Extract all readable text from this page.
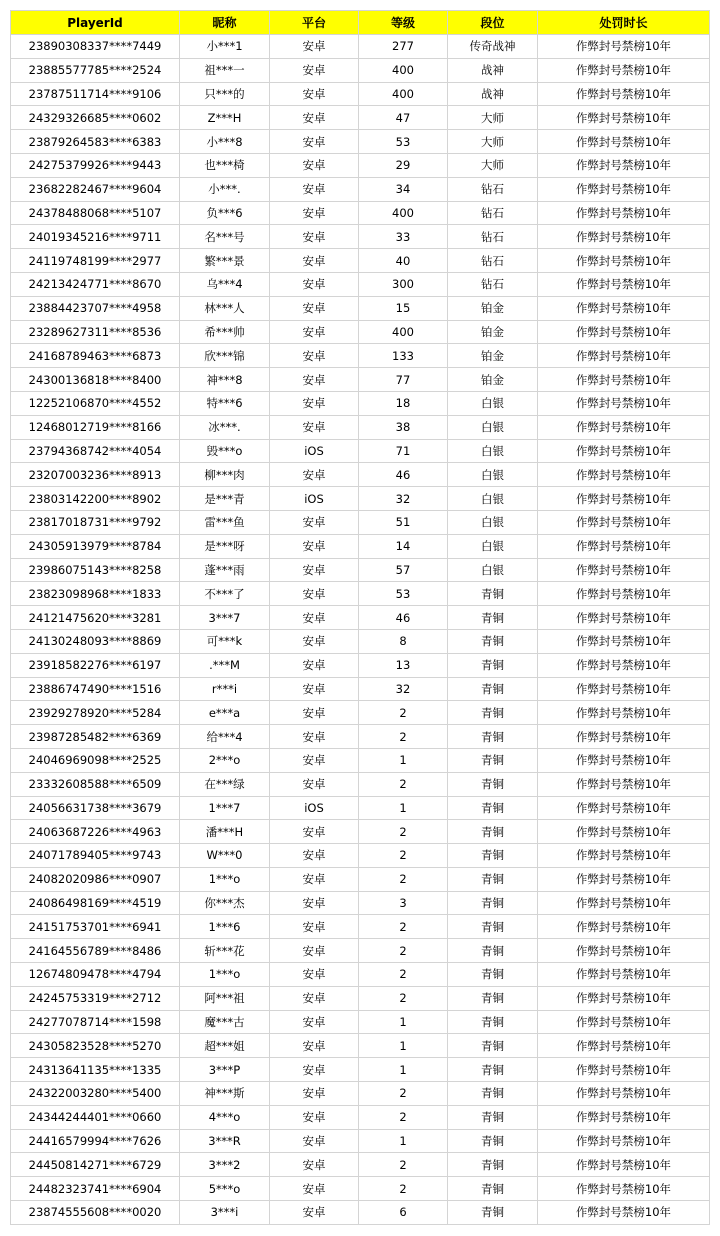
PlayerId	昵称	平台	等级	段位	处罚时长
23890308337****7449	小***1	安卓	277	传奇战神	作弊封号禁榜10年
23885577785****2524	祖***一	安卓	400	战神	作弊封号禁榜10年
23787511714****9106	只***的	安卓	400	战神	作弊封号禁榜10年
24329326685****0602	Z***H	安卓	47	大师	作弊封号禁榜10年
23879264583****6383	小***8	安卓	53	大师	作弊封号禁榜10年
24275379926****9443	也***椅	安卓	29	大师	作弊封号禁榜10年
23682282467****9604	小***.	安卓	34	钻石	作弊封号禁榜10年
24378488068****5107	负***6	安卓	400	钻石	作弊封号禁榜10年
24019345216****9711	名***号	安卓	33	钻石	作弊封号禁榜10年
24119748199****2977	繁***景	安卓	40	钻石	作弊封号禁榜10年
24213424771****8670	乌***4	安卓	300	钻石	作弊封号禁榜10年
23884423707****4958	林***人	安卓	15	铂金	作弊封号禁榜10年
23289627311****8536	希***帅	安卓	400	铂金	作弊封号禁榜10年
24168789463****6873	欣***锦	安卓	133	铂金	作弊封号禁榜10年
24300136818****8400	神***8	安卓	77	铂金	作弊封号禁榜10年
12252106870****4552	特***6	安卓	18	白银	作弊封号禁榜10年
12468012719****8166	冰***.	安卓	38	白银	作弊封号禁榜10年
23794368742****4054	毁***o	iOS	71	白银	作弊封号禁榜10年
23207003236****8913	柳***肉	安卓	46	白银	作弊封号禁榜10年
23803142200****8902	是***青	iOS	32	白银	作弊封号禁榜10年
23817018731****9792	雷***鱼	安卓	51	白银	作弊封号禁榜10年
24305913979****8784	是***呀	安卓	14	白银	作弊封号禁榜10年
23986075143****8258	蓬***雨	安卓	57	白银	作弊封号禁榜10年
23823098968****1833	不***了	安卓	53	青铜	作弊封号禁榜10年
24121475620****3281	3***7	安卓	46	青铜	作弊封号禁榜10年
24130248093****8869	可***k	安卓	8	青铜	作弊封号禁榜10年
23918582276****6197	.***M	安卓	13	青铜	作弊封号禁榜10年
23886747490****1516	r***i	安卓	32	青铜	作弊封号禁榜10年
23929278920****5284	e***a	安卓	2	青铜	作弊封号禁榜10年
23987285482****6369	给***4	安卓	2	青铜	作弊封号禁榜10年
24046969098****2525	2***o	安卓	1	青铜	作弊封号禁榜10年
23332608588****6509	在***绿	安卓	2	青铜	作弊封号禁榜10年
24056631738****3679	1***7	iOS	1	青铜	作弊封号禁榜10年
24063687226****4963	潘***H	安卓	2	青铜	作弊封号禁榜10年
24071789405****9743	W***0	安卓	2	青铜	作弊封号禁榜10年
24082020986****0907	1***o	安卓	2	青铜	作弊封号禁榜10年
24086498169****4519	你***杰	安卓	3	青铜	作弊封号禁榜10年
24151753701****6941	1***6	安卓	2	青铜	作弊封号禁榜10年
24164556789****8486	斩***花	安卓	2	青铜	作弊封号禁榜10年
12674809478****4794	1***o	安卓	2	青铜	作弊封号禁榜10年
24245753319****2712	阿***祖	安卓	2	青铜	作弊封号禁榜10年
24277078714****1598	魔***古	安卓	1	青铜	作弊封号禁榜10年
24305823528****5270	超***姐	安卓	1	青铜	作弊封号禁榜10年
24313641135****1335	3***P	安卓	1	青铜	作弊封号禁榜10年
24322003280****5400	神***斯	安卓	2	青铜	作弊封号禁榜10年
24344244401****0660	4***o	安卓	2	青铜	作弊封号禁榜10年
24416579994****7626	3***R	安卓	1	青铜	作弊封号禁榜10年
24450814271****6729	3***2	安卓	2	青铜	作弊封号禁榜10年
24482323741****6904	5***o	安卓	2	青铜	作弊封号禁榜10年
23874555608****0020	3***i	安卓	6	青铜	作弊封号禁榜10年
